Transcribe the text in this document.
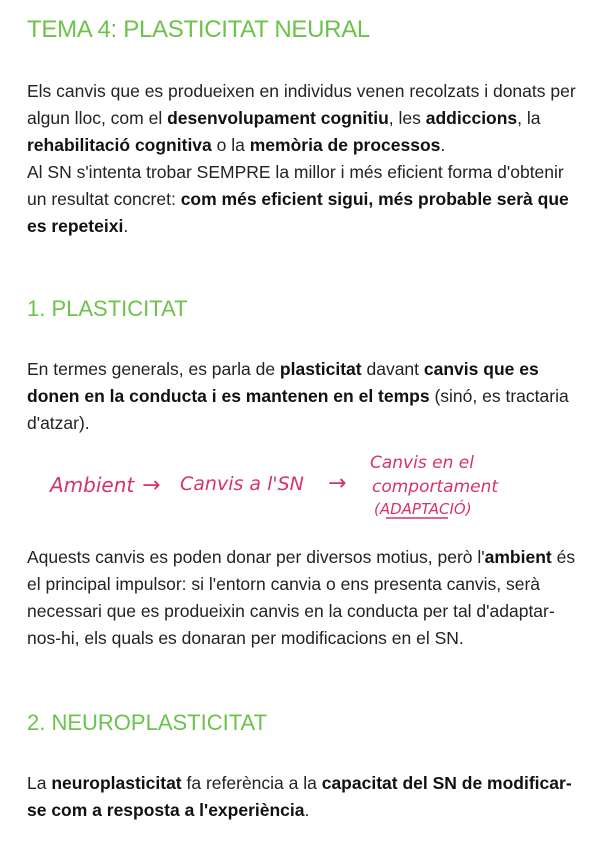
TEMA 4: PLASTICITAT NEURAL

Els canvis que es produeixen en individus venen recolzats i donats per algun lloc, com el desenvolupament cognitiu, les addiccions, la rehabilitació cognitiva o la memòria de processos.
Al SN s'intenta trobar SEMPRE la millor i més eficient forma d'obtenir un resultat concret: com més eficient sigui, més probable serà que es repeteixi.

1. PLASTICITAT

En termes generals, es parla de plasticitat davant canvis que es donen en la conducta i es mantenen en el temps (sinó, es tractaria d'atzar).

Ambient → Canvis a l'SN →
Canvis en el
comportament
(ADAPTACIÓ)

Aquests canvis es poden donar per diversos motius, però l'ambient és el principal impulsor: si l'entorn canvia o ens presenta canvis, serà necessari que es produeixin canvis en la conducta per tal d'adaptar-nos-hi, els quals es donaran per modificacions en el SN.

2. NEUROPLASTICITAT

La neuroplasticitat fa referència a la capacitat del SN de modificar-se com a resposta a l'experiència.
